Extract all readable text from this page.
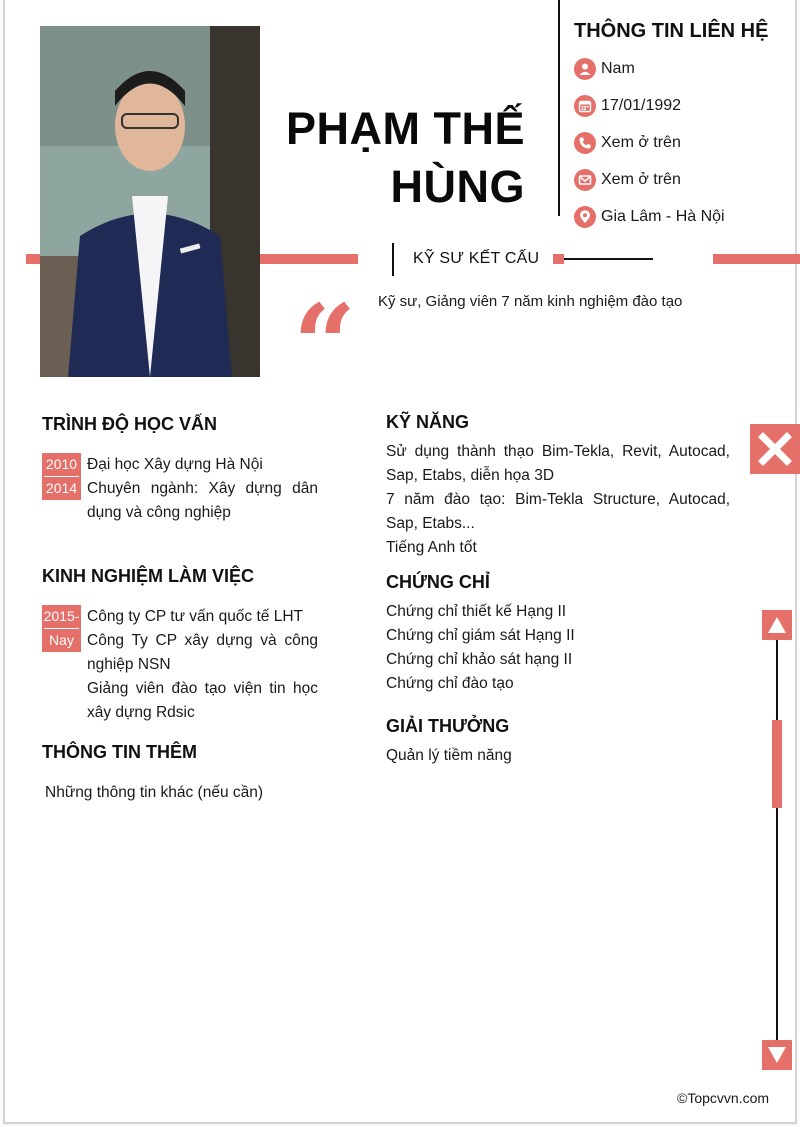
PHẠM THẾ
HÙNG
THÔNG TIN LIÊN HỆ
Nam
17/01/1992
Xem ở trên
Xem ở trên
Gia Lâm - Hà Nội
KỸ SƯ KẾT CẤU
“ Kỹ sư, Giảng viên 7 năm kinh nghiệm đào tạo
TRÌNH ĐỘ HỌC VẤN
2010
2014
Đại học Xây dựng Hà Nội
Chuyên ngành: Xây dựng dân dụng và công nghiệp
KINH NGHIỆM LÀM VIỆC
2015-
Nay
Công ty CP tư vấn quốc tế LHT
Công Ty CP xây dựng và công nghiệp NSN
Giảng viên đào tạo viện tin học xây dựng Rdsic
THÔNG TIN THÊM
Những thông tin khác (nếu cần)
KỸ NĂNG
Sử dụng thành thạo Bim-Tekla, Revit, Autocad, Sap, Etabs, diễn họa 3D
7 năm đào tạo: Bim-Tekla Structure, Autocad, Sap, Etabs...
Tiếng Anh tốt
CHỨNG CHỈ
Chứng chỉ thiết kế Hạng II
Chứng chỉ giám sát Hạng II
Chứng chỉ khảo sát hạng II
Chứng chỉ đào tạo
GIẢI THƯỞNG
Quản lý tiềm năng
©Topcvvn.com
